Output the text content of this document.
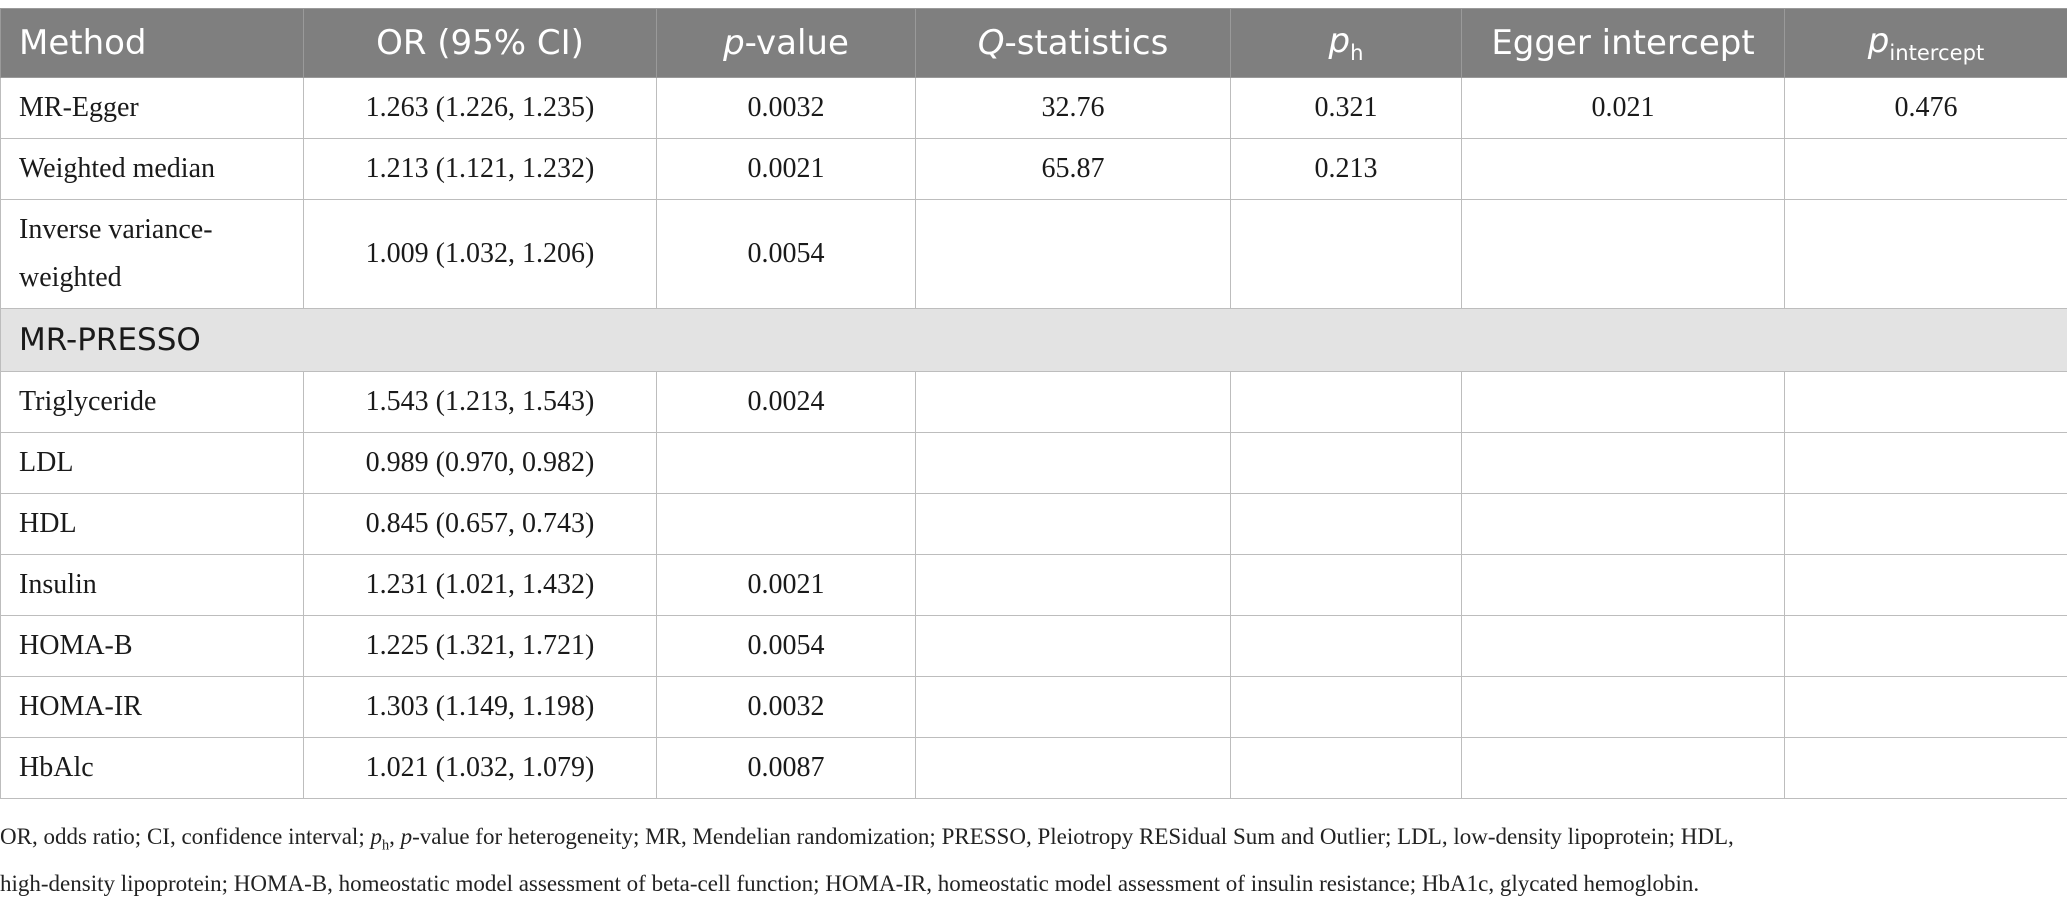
Method	OR (95% CI)	p-value	Q-statistics	$p_h$	Egger intercept	$p_{intercept}$
MR-Egger	1.263 (1.226, 1.235)	0.0032	32.76	0.321	0.021	0.476
Weighted median	1.213 (1.121, 1.232)	0.0021	65.87	0.213		
Inverse variance-
weighted	1.009 (1.032, 1.206)	0.0054				
MR-PRESSO						
Triglyceride	1.543 (1.213, 1.543)	0.0024				
LDL	0.989 (0.970, 0.982)					
HDL	0.845 (0.657, 0.743)					
Insulin	1.231 (1.021, 1.432)	0.0021				
HOMA-B	1.225 (1.321, 1.721)	0.0054				
HOMA-IR	1.303 (1.149, 1.198)	0.0032				
HbAlc	1.021 (1.032, 1.079)	0.0087				

OR, odds ratio; CI, confidence interval; $p_h$, p-value for heterogeneity; MR, Mendelian randomization; PRESSO, Pleiotropy RESidual Sum and Outlier; LDL, low-density lipoprotein; HDL,

high-density lipoprotein; HOMA-B, homeostatic model assessment of beta-cell function; HOMA-IR, homeostatic model assessment of insulin resistance; HbA1c, glycated hemoglobin.
